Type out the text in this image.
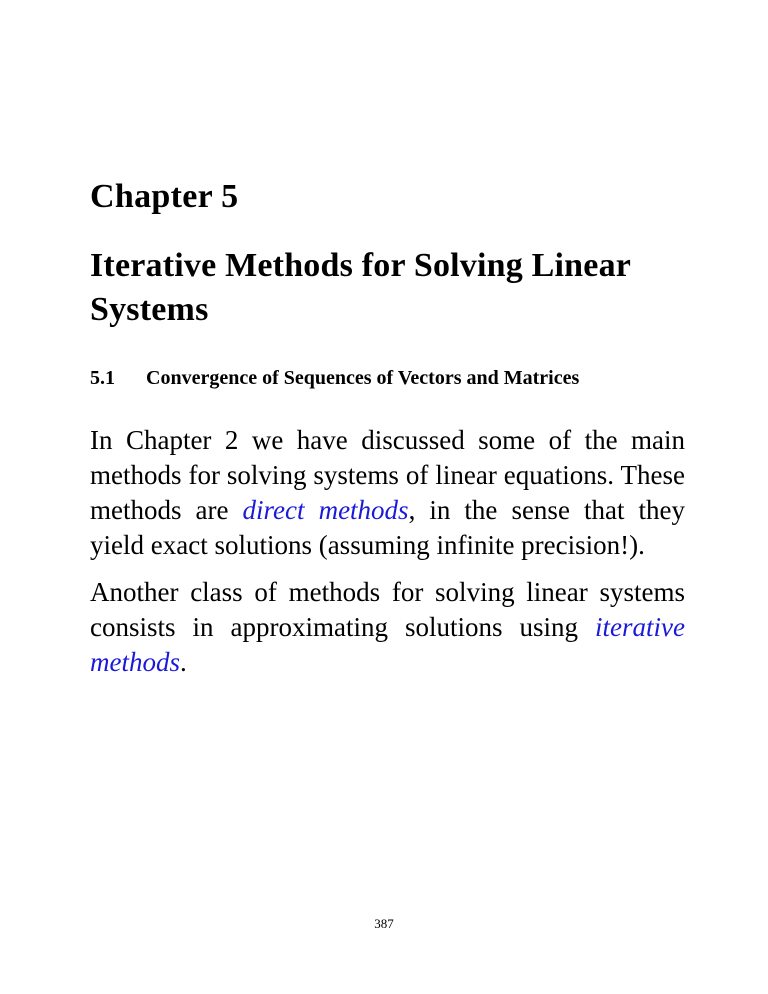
Chapter 5
Iterative Methods for Solving Linear Systems
5.1 Convergence of Sequences of Vectors and Matrices

In Chapter 2 we have discussed some of the main methods for solving systems of linear equations. These methods are direct methods, in the sense that they yield exact solutions (assuming infinite precision!).

Another class of methods for solving linear systems consists in approximating solutions using iterative methods.

387
